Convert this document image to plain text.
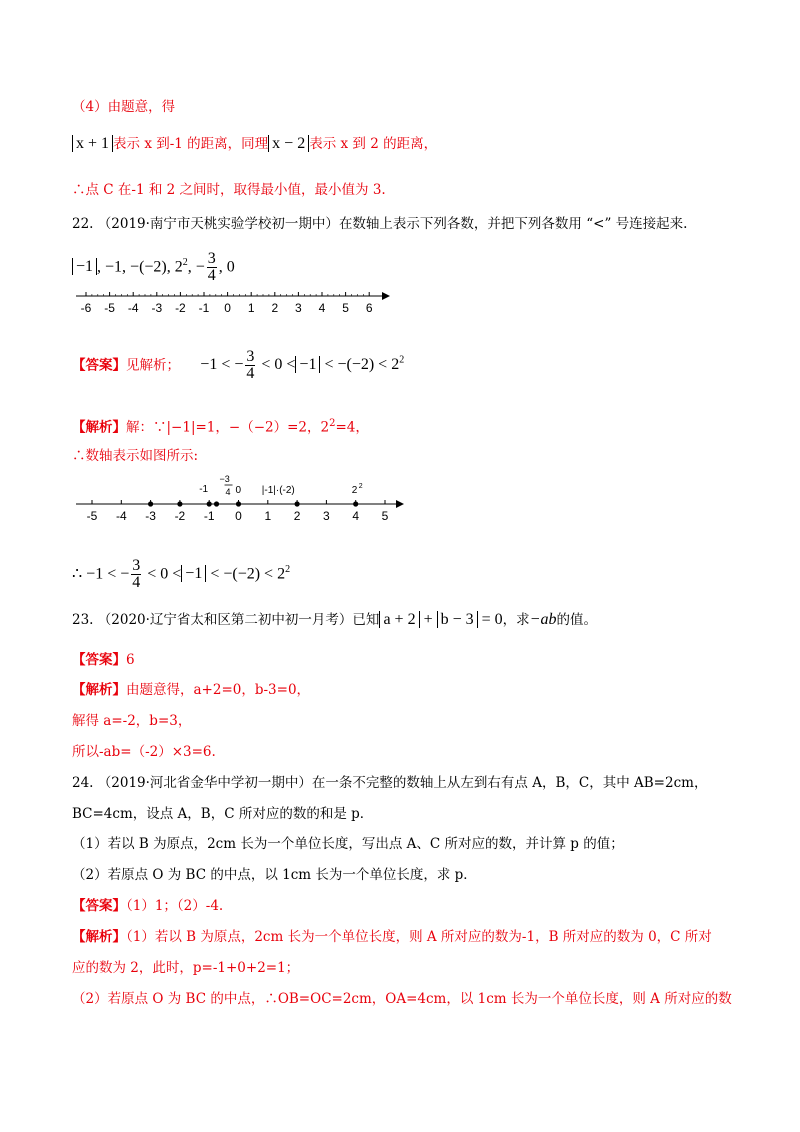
（4）由题意，得
x + 1 表示 x 到-1 的距离，同理 x − 2 表示 x 到 2 的距离，
∴点 C 在-1 和 2 之间时，取得最小值，最小值为 3.
22. （2019·南宁市天桃实验学校初一期中）在数轴上表示下列各数，并把下列各数用 “<” 号连接起来.
−1 , −1, −(−2), $2^2$, − $\frac{3}{4}$ , 0
-6 -5 -4 -3 -2 -1 0 1 2 3 4 5 6
【答案】见解析； −1 < − $\frac{3}{4} < 0 < -1 < -(-2) < 2^2$
【解析】解：∵|−1|=1，−（−2）=2，$2^2=4$，
∴数轴表示如图所示:
-5 -4 -3 -2 -1 0 1 2 3 4 5
-1
−3
4 0 |-1|·(-2)	2 2
∴ −1 < − $\frac{3}{4} < 0 < -1 < -(-2) < 2^2$
23. （2020·辽宁省太和区第二初中初一月考）已知 a + 2 + b − 3 = 0，求−ab的值。
【答案】6
【解析】由题意得，a+2=0，b-3=0，
解得 a=-2，b=3，
所以-ab=（-2）×3=6.
24. （2019·河北省金华中学初一期中）在一条不完整的数轴上从左到右有点 A，B，C，其中 AB=2cm，
BC=4cm，设点 A，B，C 所对应的数的和是 p．
（1）若以 B 为原点，2cm 长为一个单位长度，写出点 A、C 所对应的数，并计算 p 的值；
（2）若原点 O 为 BC 的中点，以 1cm 长为一个单位长度，求 p．
【答案】（1）1；（2）-4.
【解析】（1）若以 B 为原点，2cm 长为一个单位长度，则 A 所对应的数为-1，B 所对应的数为 0，C 所对
应的数为 2，此时，p=-1+0+2=1；
（2）若原点 O 为 BC 的中点，∴OB=OC=2cm，OA=4cm，以 1cm 长为一个单位长度，则 A 所对应的数
